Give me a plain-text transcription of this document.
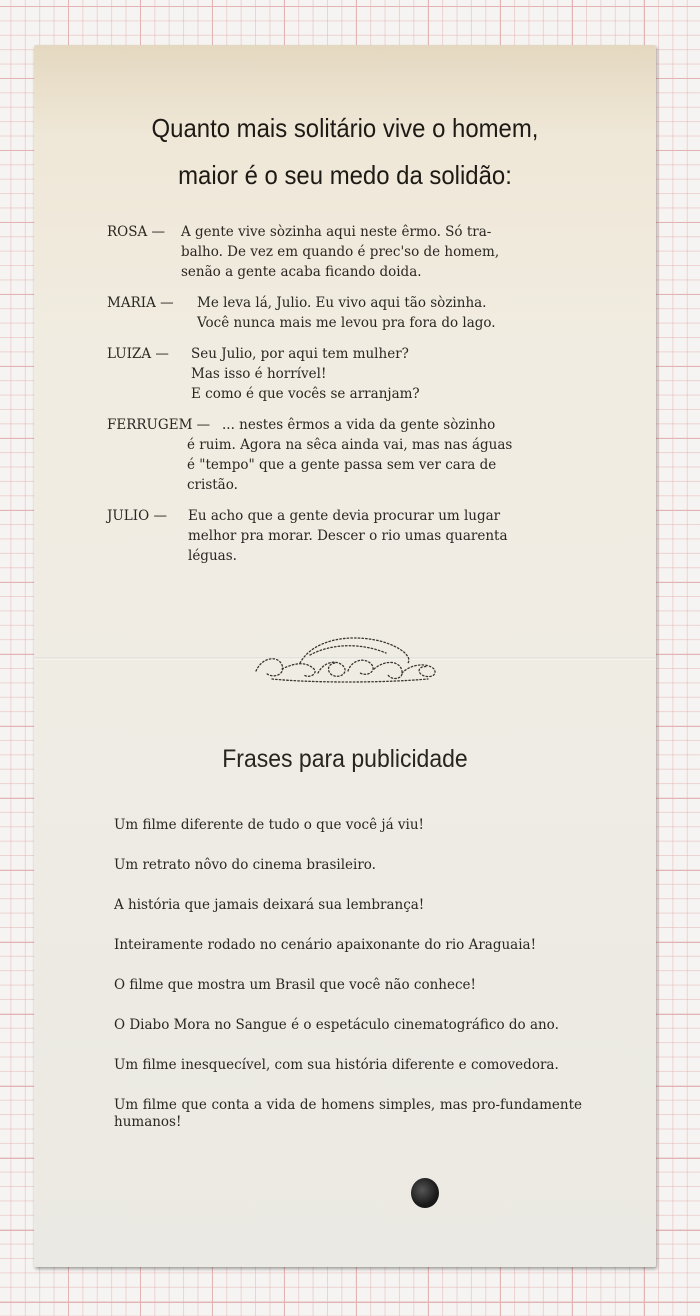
Quanto mais solitário vive o homem,
maior é o seu medo da solidão:
ROSA —	A gente vive sòzinha aqui neste êrmo. Só tra-
balho. De vez em quando é prec'so de homem,
senão a gente acaba ficando doida.
MARIA —	Me leva lá, Julio. Eu vivo aqui tão sòzinha.
Você nunca mais me levou pra fora do lago.
LUIZA —	Seu Julio, por aqui tem mulher?
Mas isso é horrível!
E como é que vocês se arranjam?
FERRUGEM — ... nestes êrmos a vida da gente sòzinho
é ruim. Agora na sêca ainda vai, mas nas águas
é "tempo" que a gente passa sem ver cara de
cristão.
JULIO —	Eu acho que a gente devia procurar um lugar
melhor pra morar. Descer o rio umas quarenta
léguas.
Frases para publicidade
Um filme diferente de tudo o que você já viu!
Um retrato nôvo do cinema brasileiro.
A história que jamais deixará sua lembrança!
Inteiramente rodado no cenário apaixonante do rio Araguaia!
O filme que mostra um Brasil que você não conhece!
O Diabo Mora no Sangue é o espetáculo cinematográfico do ano.
Um filme inesquecível, com sua história diferente e comovedora.
Um filme que conta a vida de homens simples, mas pro-fundamente humanos!
